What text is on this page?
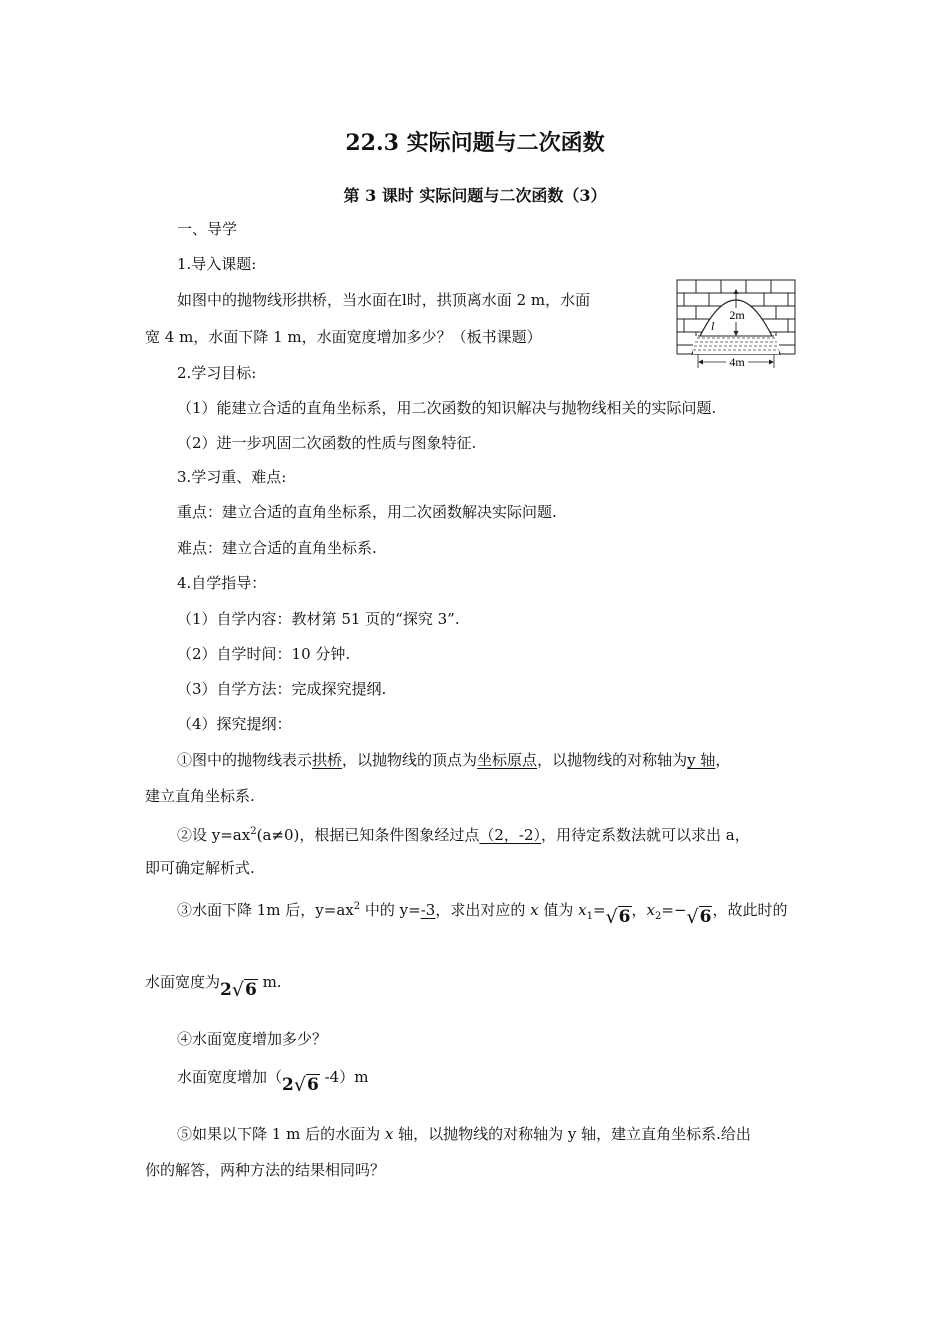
22.3 实际问题与二次函数
第 3 课时 实际问题与二次函数（3）
一、导学
1.导入课题:
如图中的抛物线形拱桥，当水面在l时，拱顶离水面 2 m，水面
宽 4 m，水面下降 1 m，水面宽度增加多少？（板书课题）
2m
l
4m
2.学习目标:
（1）能建立合适的直角坐标系，用二次函数的知识解决与抛物线相关的实际问题.
（2）进一步巩固二次函数的性质与图象特征.
3.学习重、难点:
重点：建立合适的直角坐标系，用二次函数解决实际问题.
难点：建立合适的直角坐标系.
4.自学指导：
（1）自学内容：教材第 51 页的“探究 3”.
（2）自学时间：10 分钟.
（3）自学方法：完成探究提纲.
（4）探究提纲：
①图中的抛物线表示拱桥，以抛物线的顶点为坐标原点，以抛物线的对称轴为y 轴，
建立直角坐标系.
②设 $y=ax^2(a\ne 0)$，根据已知条件图象经过点（2，-2），用待定系数法就可以求出 a，
即可确定解析式.
③水面下降 1m 后，$y=ax^2$ 中的 y=-3，求出对应的 x 值为 $x_1=$ √ 6 ，$x_2=-$ √ 6 ，故此时的
水面宽度为 2 √ 6 m.
④水面宽度增加多少？
水面宽度增加（ 2 √ 6 -4）m
⑤如果以下降 1 m 后的水面为 x 轴，以抛物线的对称轴为 y 轴，建立直角坐标系.给出
你的解答，两种方法的结果相同吗？
